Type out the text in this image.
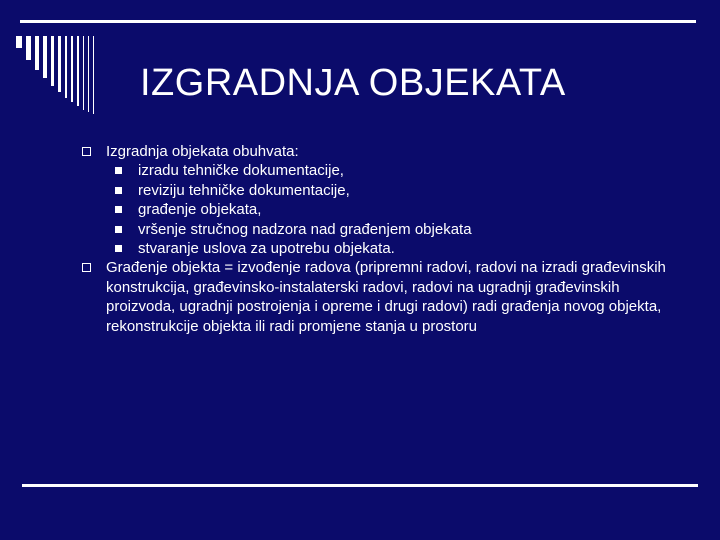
IZGRADNJA OBJEKATA
Izgradnja objekata obuhvata:
izradu tehničke dokumentacije,
reviziju tehničke dokumentacije,
građenje objekata,
vršenje stručnog nadzora nad građenjem objekata
stvaranje uslova za upotrebu objekata.
Građenje objekta = izvođenje radova (pripremni radovi, radovi na izradi građevinskih konstrukcija, građevinsko-instalaterski radovi, radovi na ugradnji građevinskih proizvoda, ugradnji postrojenja i opreme i drugi radovi) radi građenja novog objekta, rekonstrukcije objekta ili radi promjene stanja u prostoru
